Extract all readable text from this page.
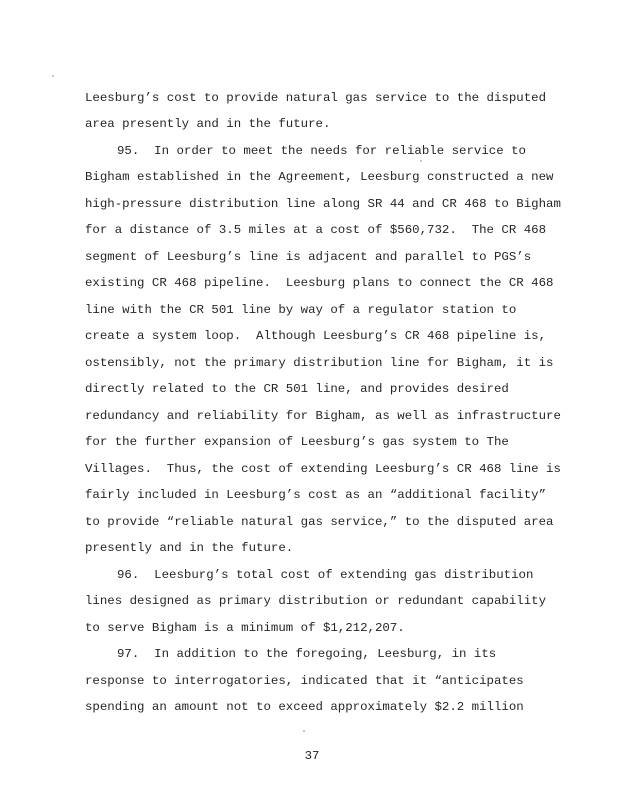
Leesburg’s cost to provide natural gas service to the disputed

area presently and in the future.

95.  In order to meet the needs for reliable service to

Bigham established in the Agreement, Leesburg constructed a new

high-pressure distribution line along SR 44 and CR 468 to Bigham

for a distance of 3.5 miles at a cost of $560,732.  The CR 468

segment of Leesburg’s line is adjacent and parallel to PGS’s

existing CR 468 pipeline.  Leesburg plans to connect the CR 468

line with the CR 501 line by way of a regulator station to

create a system loop.  Although Leesburg’s CR 468 pipeline is,

ostensibly, not the primary distribution line for Bigham, it is

directly related to the CR 501 line, and provides desired

redundancy and reliability for Bigham, as well as infrastructure

for the further expansion of Leesburg’s gas system to The

Villages.  Thus, the cost of extending Leesburg’s CR 468 line is

fairly included in Leesburg’s cost as an “additional facility”

to provide “reliable natural gas service,” to the disputed area

presently and in the future.

96.  Leesburg’s total cost of extending gas distribution

lines designed as primary distribution or redundant capability

to serve Bigham is a minimum of $1,212,207.

97.  In addition to the foregoing, Leesburg, in its

response to interrogatories, indicated that it “anticipates

spending an amount not to exceed approximately $2.2 million

37
